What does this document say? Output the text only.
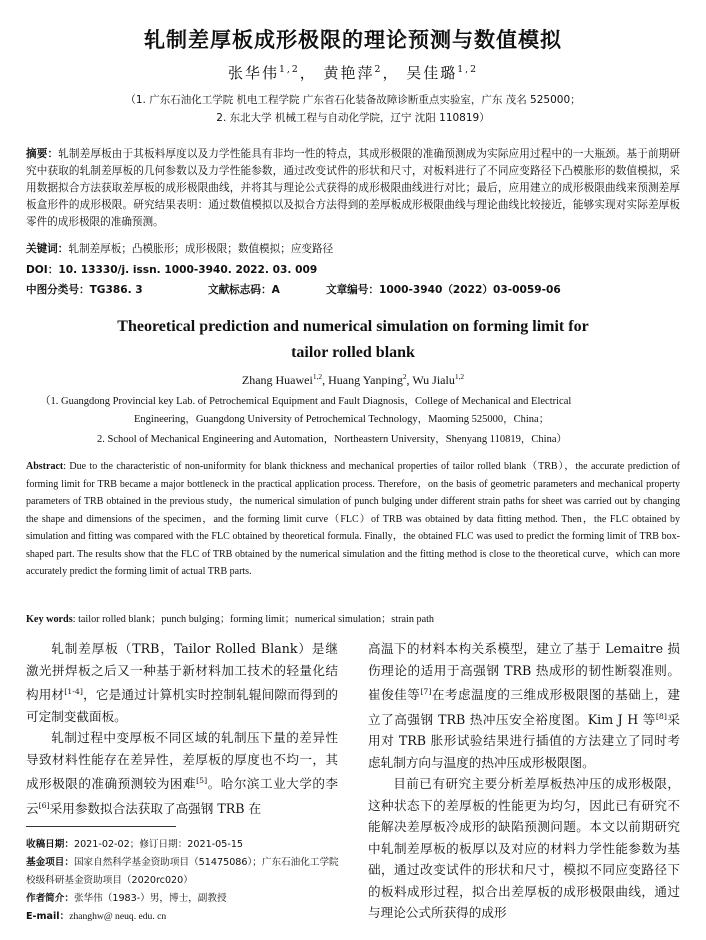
轧制差厚板成形极限的理论预测与数值模拟
张华伟$^{1,2}$， 黄艳萍$^2$， 吴佳璐$^{1,2}$
（1. 广东石油化工学院 机电工程学院 广东省石化装备故障诊断重点实验室，广东 茂名 525000；
2. 东北大学 机械工程与自动化学院，辽宁 沈阳 110819）
摘要：轧制差厚板由于其板料厚度以及力学性能具有非均一性的特点，其成形极限的准确预测成为实际应用过程中的一大瓶颈。基于前期研究中获取的轧制差厚板的几何参数以及力学性能参数，通过改变试件的形状和尺寸，对板料进行了不同应变路径下凸模胀形的数值模拟，采用数据拟合方法获取差厚板的成形极限曲线，并将其与理论公式获得的成形极限曲线进行对比；最后，应用建立的成形极限曲线来预测差厚板盒形件的成形极限。研究结果表明：通过数值模拟以及拟合方法得到的差厚板成形极限曲线与理论曲线比较接近，能够实现对实际差厚板零件的成形极限的准确预测。
关键词：轧制差厚板；凸模胀形；成形极限；数值模拟；应变路径
DOI：10. 13330/j. issn. 1000-3940. 2022. 03. 009
中图分类号：TG386. 3	文献标志码：A	文章编号：1000-3940（2022）03-0059-06
Theoretical prediction and numerical simulation on forming limit for
tailor rolled blank
Zhang Huawei$^{1,2}$, Huang Yanping$^2$, Wu Jialu$^{1,2}$
（1. Guangdong Provincial key Lab. of Petrochemical Equipment and Fault Diagnosis，College of Mechanical and Electrical
Engineering，Guangdong University of Petrochemical Technology，Maoming 525000，China；
2. School of Mechanical Engineering and Automation，Northeastern University，Shenyang 110819，China）
Abstract: Due to the characteristic of non-uniformity for blank thickness and mechanical properties of tailor rolled blank（TRB），the accurate prediction of forming limit for TRB became a major bottleneck in the practical application process. Therefore，on the basis of geometric parameters and mechanical property parameters of TRB obtained in the previous study，the numerical simulation of punch bulging under different strain paths for sheet was carried out by changing the shape and dimensions of the specimen，and the forming limit curve（FLC）of TRB was obtained by data fitting method. Then，the FLC obtained by simulation and fitting was compared with the FLC obtained by theoretical formula. Finally，the obtained FLC was used to predict the forming limit of TRB box-shaped part. The results show that the FLC of TRB obtained by the numerical simulation and the fitting method is close to the theoretical curve，which can more accurately predict the forming limit of actual TRB parts.
Key words: tailor rolled blank；punch bulging；forming limit；numerical simulation；strain path

轧制差厚板（TRB，Tailor Rolled Blank）是继激光拼焊板之后又一种基于新材料加工技术的轻量化结构用材[1-4]，它是通过计算机实时控制轧辊间隙而得到的可定制变截面板。

轧制过程中变厚板不同区域的轧制压下量的差异性导致材料性能存在差异性，差厚板的厚度也不均一，其成形极限的准确预测较为困难[5]。哈尔滨工业大学的李云[6]采用参数拟合法获取了高强钢 TRB 在

高温下的材料本构关系模型，建立了基于 Lemaitre 损伤理论的适用于高强钢 TRB 热成形的韧性断裂准则。崔俊佳等[7]在考虑温度的三维成形极限图的基础上，建立了高强钢 TRB 热冲压安全裕度图。Kim J H 等[8]采用对 TRB 胀形试验结果进行插值的方法建立了同时考虑轧制方向与温度的热冲压成形极限图。

目前已有研究主要分析差厚板热冲压的成形极限，这种状态下的差厚板的性能更为均匀，因此已有研究不能解决差厚板冷成形的缺陷预测问题。本文以前期研究中轧制差厚板的板厚以及对应的材料力学性能参数为基础，通过改变试件的形状和尺寸，模拟不同应变路径下的板料成形过程，拟合出差厚板的成形极限曲线，通过与理论公式所获得的成形

收稿日期：2021-02-02；修订日期：2021-05-15
基金项目：国家自然科学基金资助项目（51475086）；广东石油化工学院校级科研基金资助项目（2020rc020）
作者简介：张华伟（1983-）男，博士，副教授
E-mail：zhanghw@ neuq. edu. cn
